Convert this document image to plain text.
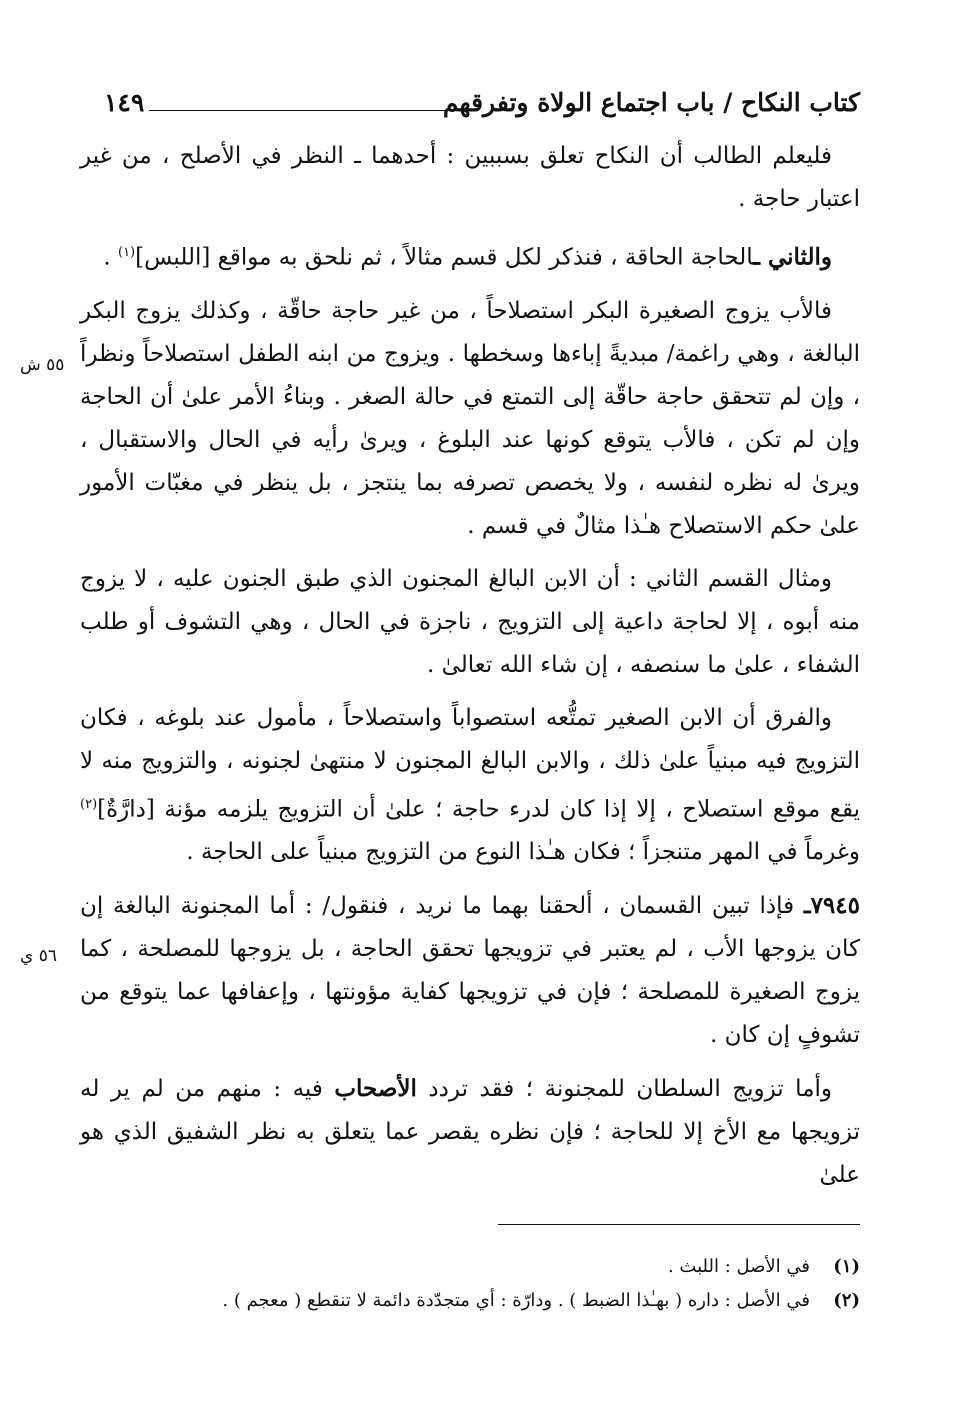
كتاب النكاح / باب اجتماع الولاة وتفرقهم
١٤٩
٥٥ ش
٥٦ ي

فليعلم الطالب أن النكاح تعلق بسببين : أحدهما ـ النظر في الأصلح ، من غير اعتبار حاجة .

والثاني ـالحاجة الحاقة ، فنذكر لكل قسم مثالاً ، ثم نلحق به مواقع [اللبس]$^{(١)}$ .

فالأب يزوج الصغيرة البكر استصلاحاً ، من غير حاجة حاقّة ، وكذلك يزوج البكر البالغة ، وهي راغمة/ مبديةً إباءها وسخطها . ويزوج من ابنه الطفل استصلاحاً ونظراً ، وإن لم تتحقق حاجة حاقّة إلى التمتع في حالة الصغر . وبناءُ الأمر علىٰ أن الحاجة وإن لم تكن ، فالأب يتوقع كونها عند البلوغ ، ويرىٰ رأيه في الحال والاستقبال ، ويرىٰ له نظره لنفسه ، ولا يخصص تصرفه بما ينتجز ، بل ينظر في مغبّات الأمور علىٰ حكم الاستصلاح هـٰذا مثالٌ في قسم .

ومثال القسم الثاني : أن الابن البالغ المجنون الذي طبق الجنون عليه ، لا يزوج منه أبوه ، إلا لحاجة داعية إلى التزويج ، ناجزة في الحال ، وهي التشوف أو طلب الشفاء ، علىٰ ما سنصفه ، إن شاء الله تعالىٰ .

والفرق أن الابن الصغير تمتُّعه استصواباً واستصلاحاً ، مأمول عند بلوغه ، فكان التزويج فيه مبنياً علىٰ ذلك ، والابن البالغ المجنون لا منتهىٰ لجنونه ، والتزويج منه لا يقع موقع استصلاح ، إلا إذا كان لدرء حاجة ؛ علىٰ أن التزويج يلزمه مؤنة [دارَّةٌ]$^{(٢)}$ وغرماً في المهر متنجزاً ؛ فكان هـٰذا النوع من التزويج مبنياً على الحاجة .

٧٩٤٥ـ فإذا تبين القسمان ، ألحقنا بهما ما نريد ، فنقول/ : أما المجنونة البالغة إن كان يزوجها الأب ، لم يعتبر في تزويجها تحقق الحاجة ، بل يزوجها للمصلحة ، كما يزوج الصغيرة للمصلحة ؛ فإن في تزويجها كفاية مؤونتها ، وإعفافها عما يتوقع من تشوفٍ إن كان .

وأما تزويج السلطان للمجنونة ؛ فقد تردد الأصحاب فيه : منهم من لم ير له تزويجها مع الأخ إلا للحاجة ؛ فإن نظره يقصر عما يتعلق به نظر الشفيق الذي هو علىٰ

(١)
في الأصل : اللبث .
(٢)
في الأصل : داره ( بهـٰذا الضبط ) . ودارّة : أي متجدّدة دائمة لا تنقطع ( معجم ) .
